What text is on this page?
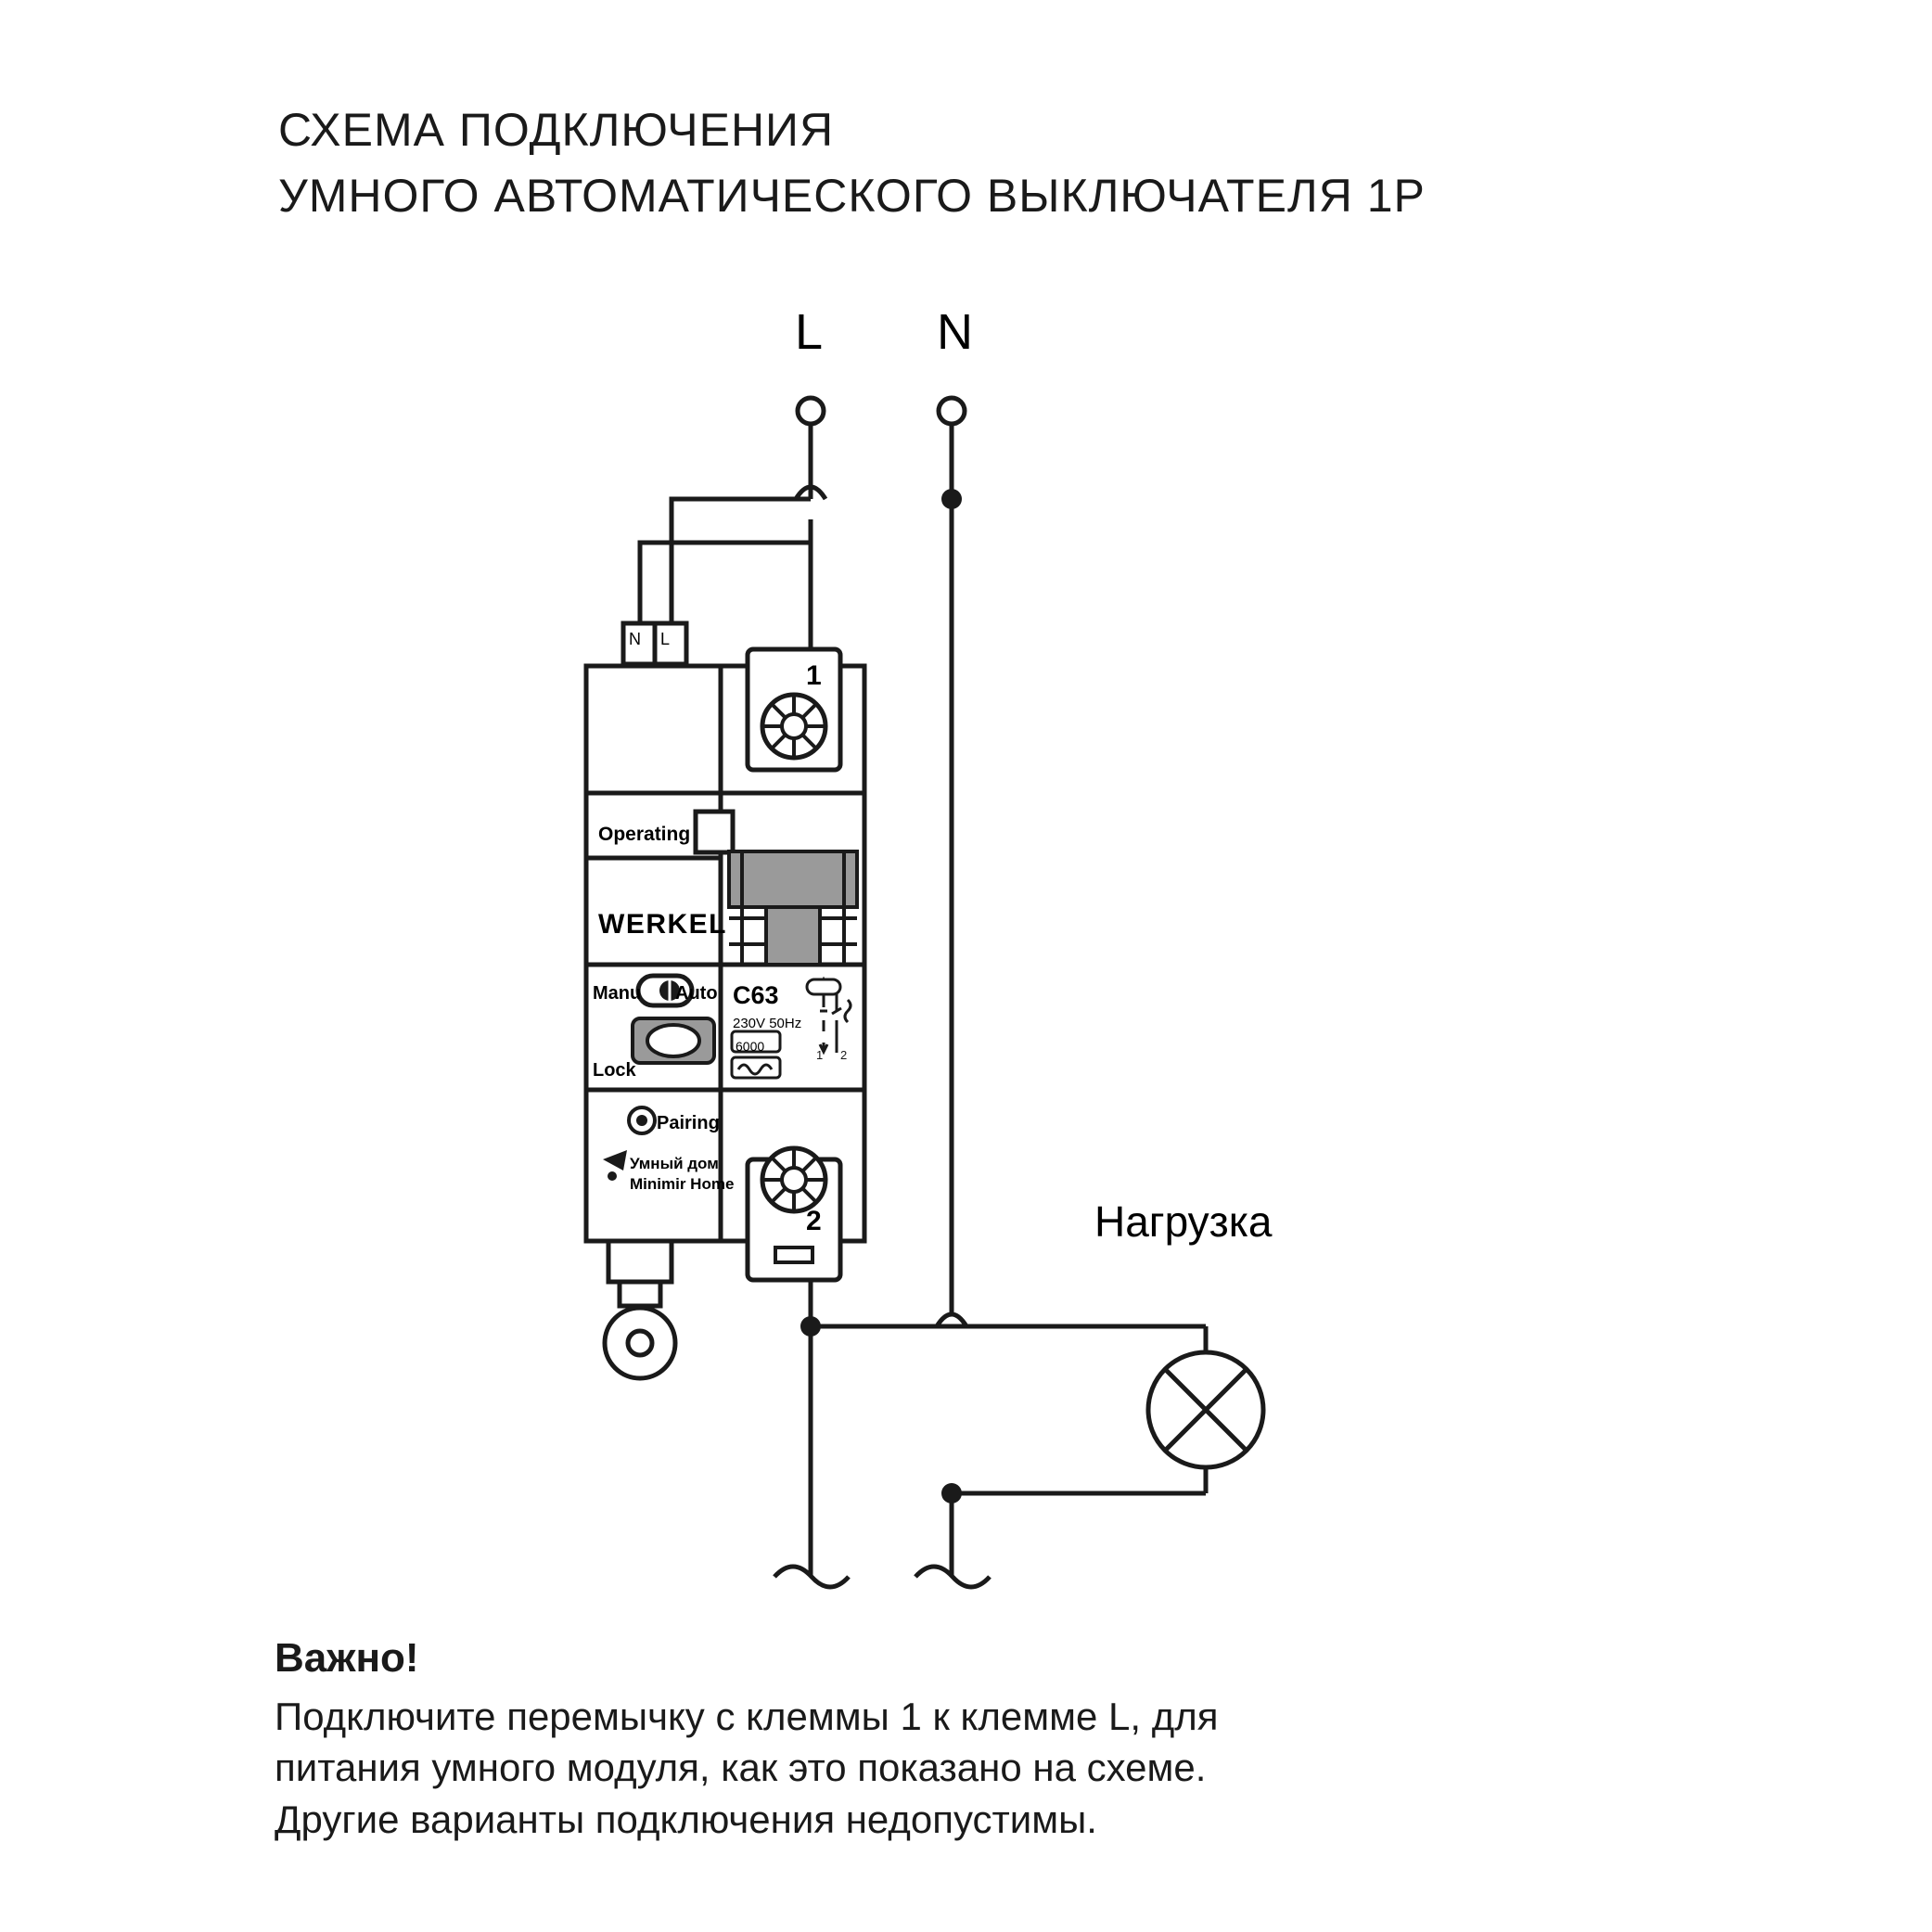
1 2
СХЕМА ПОДКЛЮЧЕНИЯ
УМНОГО АВТОМАТИЧЕСКОГО ВЫКЛЮЧАТЕЛЯ 1P
L N
Нагрузка
N L
Operating
WERKEL
Manu Auto
Lock
Pairing
Умный дом
Minimir Home
C63
230V 50Hz
6000
1
2
Важно!
Подключите перемычку с клеммы 1 к клемме L, для
питания умного модуля, как это показано на схеме.
Другие варианты подключения недопустимы.
